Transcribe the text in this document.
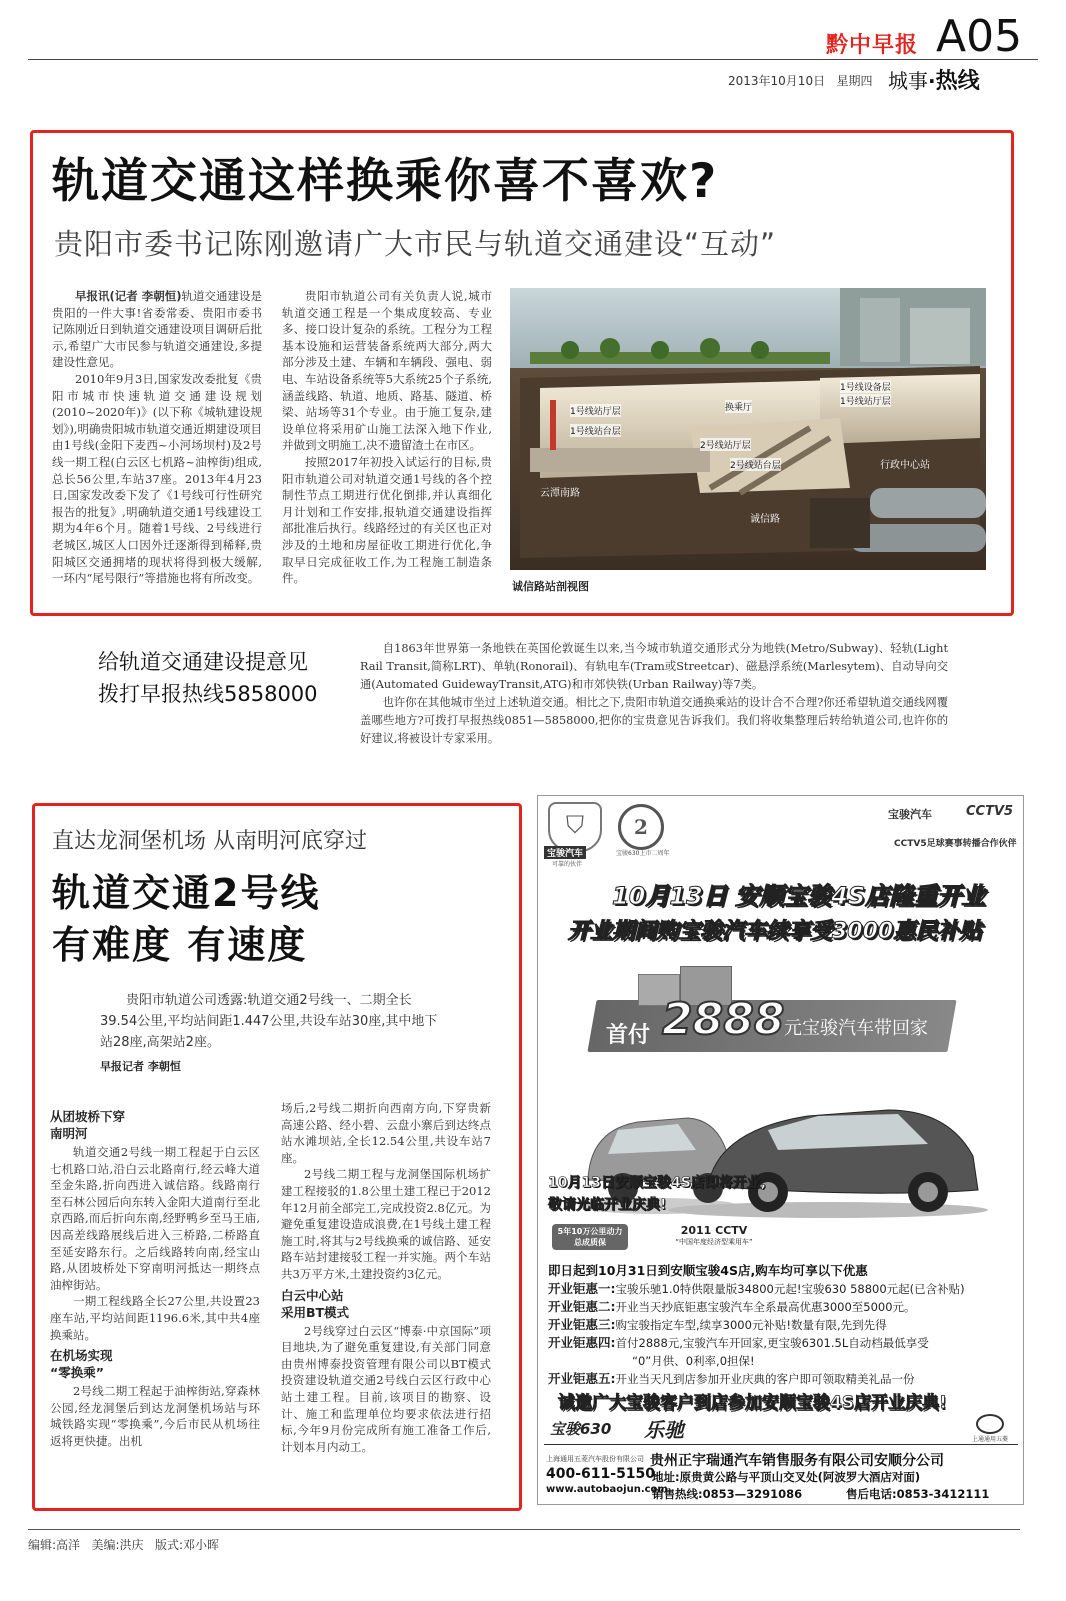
黔中早报 A05
2013年10月10日 星期四 城事·热线
轨道交通这样换乘你喜不喜欢?
贵阳市委书记陈刚邀请广大市民与轨道交通建设“互动”

早报讯(记者 李朝恒)轨道交通建设是贵阳的一件大事!省委常委、贵阳市委书记陈刚近日到轨道交通建设项目调研后批示,希望广大市民参与轨道交通建设,多提建设性意见。

2010年9月3日,国家发改委批复《贵阳市城市快速轨道交通建设规划(2010~2020年)》(以下称《城轨建设规划》),明确贵阳城市轨道交通近期建设项目由1号线(金阳下麦西~小河场坝村)及2号线一期工程(白云区七机路~油榨街)组成,总长56公里,车站37座。2013年4月23日,国家发改委下发了《1号线可行性研究报告的批复》,明确轨道交通1号线建设工期为4年6个月。随着1号线、2号线进行老城区,城区人口因外迁逐渐得到稀释,贵阳城区交通拥堵的现状将得到极大缓解,一环内“尾号限行”等措施也将有所改变。

贵阳市轨道公司有关负责人说,城市轨道交通工程是一个集成度较高、专业多、接口设计复杂的系统。工程分为工程基本设施和运营装备系统两大部分,两大部分涉及土建、车辆和车辆段、强电、弱电、车站设备系统等5大系统25个子系统,涵盖线路、轨道、地质、路基、隧道、桥梁、站场等31个专业。由于施工复杂,建设单位将采用矿山施工法深入地下作业,并做到文明施工,决不遗留渣土在市区。

按照2017年初投入试运行的目标,贵阳市轨道公司对轨道交通1号线的各个控制性节点工期进行优化倒排,并认真细化月计划和工作安排,报轨道交通建设指挥部批准后执行。线路经过的有关区也正对涉及的土地和房屋征收工期进行优化,争取早日完成征收工作,为工程施工制造条件。

1号线站厅层
1号线站台层
换乘厅
2号线站厅层
2号线站台层
云潭南路
行政中心站
诚信路
1号线设备层
1号线站厅层
诚信路站剖视图
给轨道交通建设提意见
拨打早报热线5858000

自1863年世界第一条地铁在英国伦敦诞生以来,当今城市轨道交通形式分为地铁(Metro/Subway)、轻轨(Light Rail Transit,简称LRT)、单轨(Ronorail)、有轨电车(Tram或Streetcar)、磁悬浮系统(Marlesytem)、自动导向交通(Automated GuidewayTransit,ATG)和市郊快铁(Urban Railway)等7类。

也许你在其他城市坐过上述轨道交通。相比之下,贵阳市轨道交通换乘站的设计合不合理?你还希望轨道交通线网覆盖哪些地方?可拨打早报热线0851—5858000,把你的宝贵意见告诉我们。我们将收集整理后转给轨道公司,也许你的好建议,将被设计专家采用。

直达龙洞堡机场 从南明河底穿过
轨道交通2号线
有难度 有速度
贵阳市轨道公司透露:轨道交通2号线一、二期全长39.54公里,平均站间距1.447公里,共设车站30座,其中地下站28座,高架站2座。
早报记者 李朝恒
从团坡桥下穿
南明河

轨道交通2号线一期工程起于白云区七机路口站,沿白云北路南行,经云峰大道至金朱路,折向西进入诚信路。线路南行至石林公园后向东转入金阳大道南行至北京西路,而后折向东南,经野鸭乡至马王庙,因高差线路展线后进入三桥路,二桥路直至延安路东行。之后线路转向南,经宝山路,从团坡桥处下穿南明河抵达一期终点油榨街站。

一期工程线路全长27公里,共设置23座车站,平均站间距1196.6米,其中共4座换乘站。

在机场实现
“零换乘”

2号线二期工程起于油榨街站,穿森林公园,经龙洞堡后到达龙洞堡机场站与环城铁路实现“零换乘”,今后市民从机场往返将更快捷。出机

场后,2号线二期折向西南方向,下穿贵新高速公路、经小碧、云盘小寨后到达终点站水滩坝站,全长12.54公里,共设车站7座。

2号线二期工程与龙洞堡国际机场扩建工程接驳的1.8公里土建工程已于2012年12月前全部完工,完成投资2.8亿元。为避免重复建设造成浪费,在1号线土建工程施工时,将其与2号线换乘的诚信路、延安路车站封建接驳工程一并实施。两个车站共3万平方米,土建投资约3亿元。

白云中心站
采用BT模式

2号线穿过白云区“博泰·中京国际”项目地块,为了避免重复建设,有关部门同意由贵州博泰投资管理有限公司以BT模式投资建设轨道交通2号线白云区行政中心站土建工程。目前,该项目的勘察、设计、施工和监理单位均要求依法进行招标,今年9月份完成所有施工准备工作后,计划本月内动工。

⛉
宝骏汽车
可靠的伙伴
2
宝骏630上市二周年
宝骏汽车	CCTV5
CCTV5足球赛事转播合作伙伴
10月13日 安顺宝骏4S店隆重开业
开业期间购宝骏汽车续享受3000惠民补贴
首付 2888 元宝骏汽车带回家
10月13日安顺宝骏4S店即将开业,
敬请光临开业庆典!
5年10万公里动力总成质保
2011 CCTV
“中国年度经济型乘用车”
即日起到10月31日到安顺宝骏4S店,购车均可享以下优惠
开业钜惠一:宝骏乐驰1.0特供限量版34800元起!宝骏630 58800元起(已含补贴)
开业钜惠二:开业当天抄底钜惠宝骏汽车全系最高优惠3000至5000元。
开业钜惠三:购宝骏指定车型,续享3000元补贴!数量有限,先到先得
开业钜惠四:首付2888元,宝骏汽车开回家,更宝骏6301.5L自动档最低享受
“0”月供、0利率,0担保!
开业钜惠五:开业当天凡到店参加开业庆典的客户即可领取精美礼品一份
诚邀广大宝骏客户到店参加安顺宝骏4S店开业庆典!
宝骏630 乐驰	上通通用五菱
上海通用五菱汽车股份有限公司
400-611-5150
www.autobaojun.com
贵州正宇瑞通汽车销售服务有限公司安顺分公司
地址:原贵黄公路与平顶山交叉处(阿波罗大酒店对面)
销售热线:0853—3291086	售后电话:0853-3412111
编辑:高洋 美编:洪庆 版式:邓小晖
